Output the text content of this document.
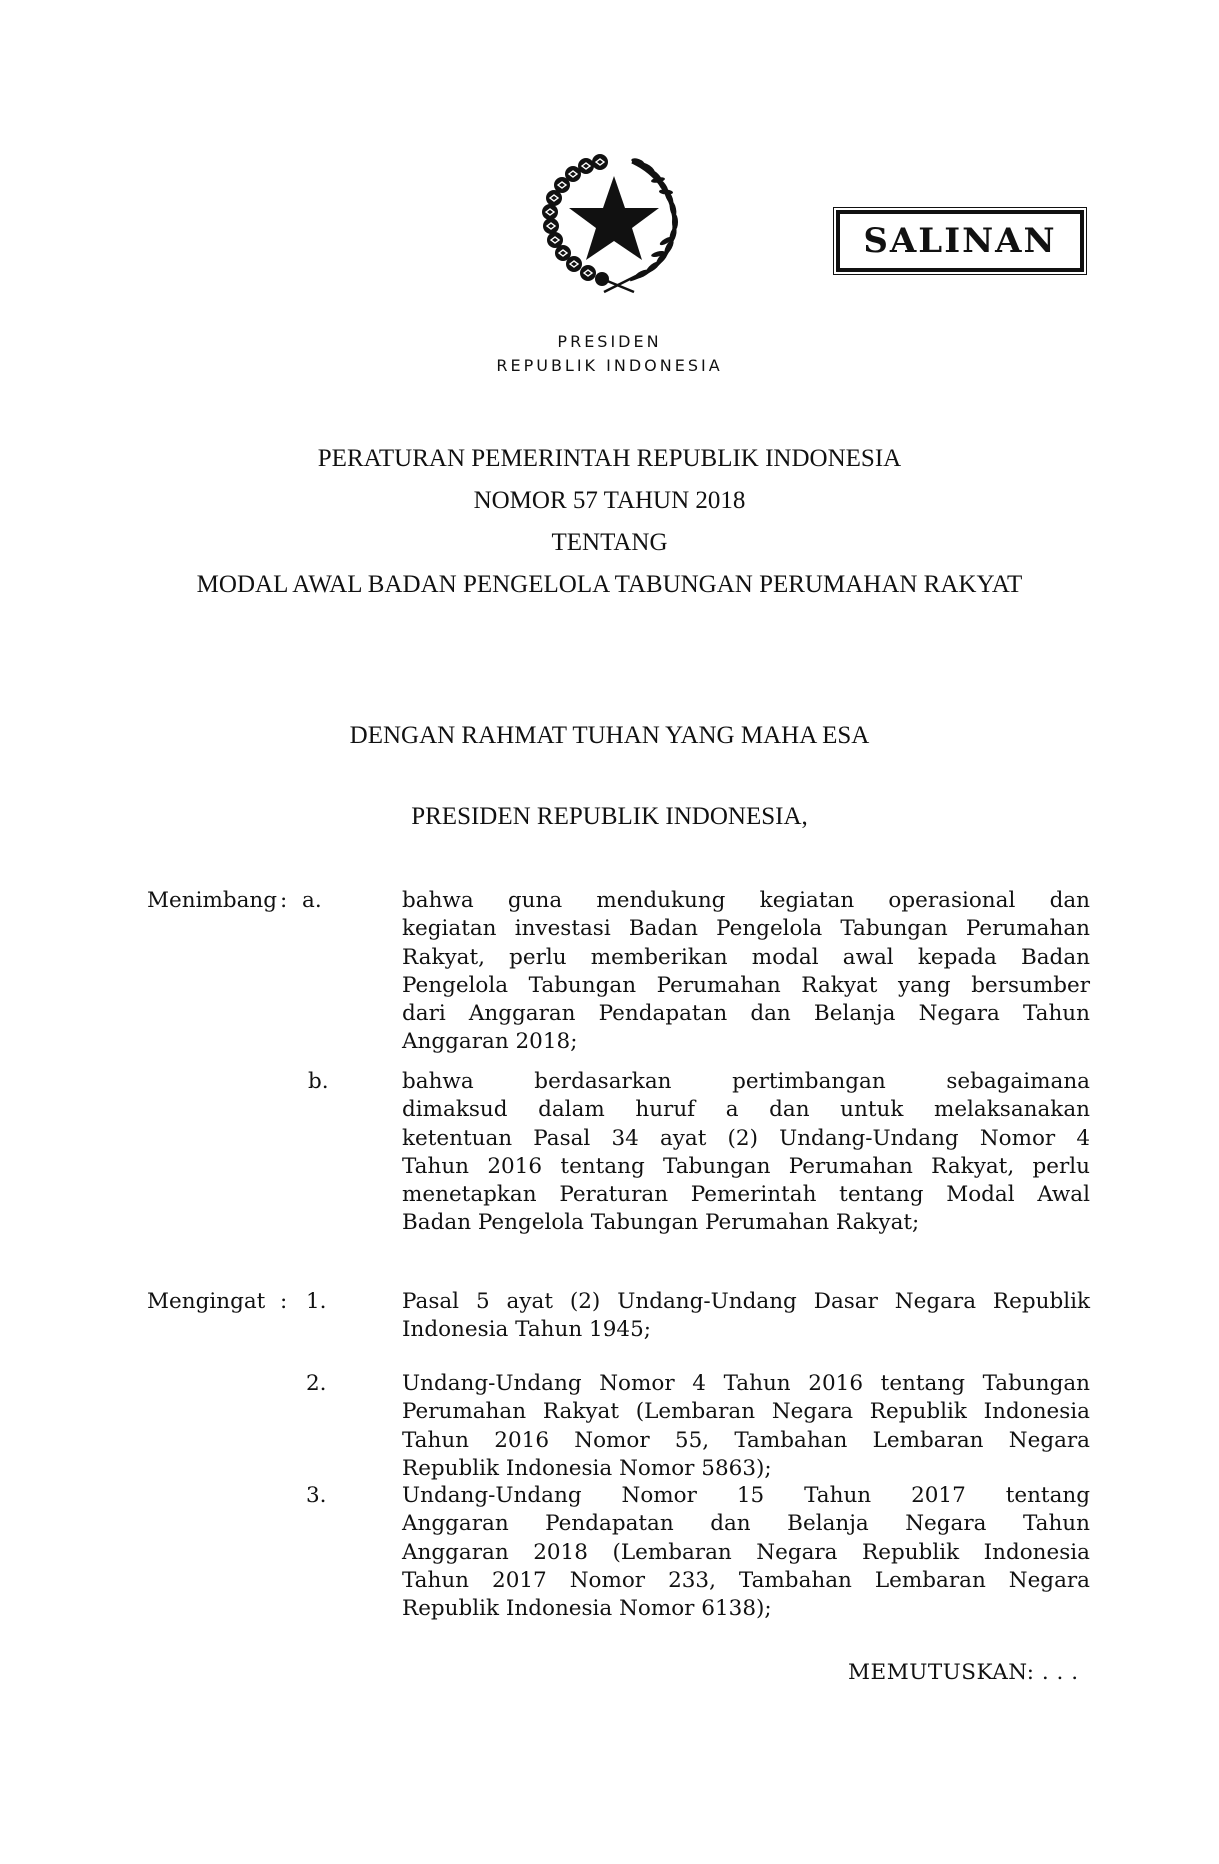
SALINAN
PRESIDEN
REPUBLIK INDONESIA
PERATURAN PEMERINTAH REPUBLIK INDONESIA
NOMOR 57 TAHUN 2018
TENTANG
MODAL AWAL BADAN PENGELOLA TABUNGAN PERUMAHAN RAKYAT
DENGAN RAHMAT TUHAN YANG MAHA ESA
PRESIDEN REPUBLIK INDONESIA,
Menimbang : a.	bahwa guna mendukung kegiatan operasional dan
kegiatan investasi Badan Pengelola Tabungan Perumahan
Rakyat, perlu memberikan modal awal kepada Badan
Pengelola Tabungan Perumahan Rakyat yang bersumber
dari Anggaran Pendapatan dan Belanja Negara Tahun
Anggaran 2018;
b.	bahwa berdasarkan pertimbangan sebagaimana
dimaksud dalam huruf a dan untuk melaksanakan
ketentuan Pasal 34 ayat (2) Undang-Undang Nomor 4
Tahun 2016 tentang Tabungan Perumahan Rakyat, perlu
menetapkan Peraturan Pemerintah tentang Modal Awal
Badan Pengelola Tabungan Perumahan Rakyat;
Mengingat : 1.	Pasal 5 ayat (2) Undang-Undang Dasar Negara Republik
Indonesia Tahun 1945;
2.	Undang-Undang Nomor 4 Tahun 2016 tentang Tabungan
Perumahan Rakyat (Lembaran Negara Republik Indonesia
Tahun 2016 Nomor 55, Tambahan Lembaran Negara
Republik Indonesia Nomor 5863);
3.	Undang-Undang Nomor 15 Tahun 2017 tentang
Anggaran Pendapatan dan Belanja Negara Tahun
Anggaran 2018 (Lembaran Negara Republik Indonesia
Tahun 2017 Nomor 233, Tambahan Lembaran Negara
Republik Indonesia Nomor 6138);
MEMUTUSKAN: . . .
